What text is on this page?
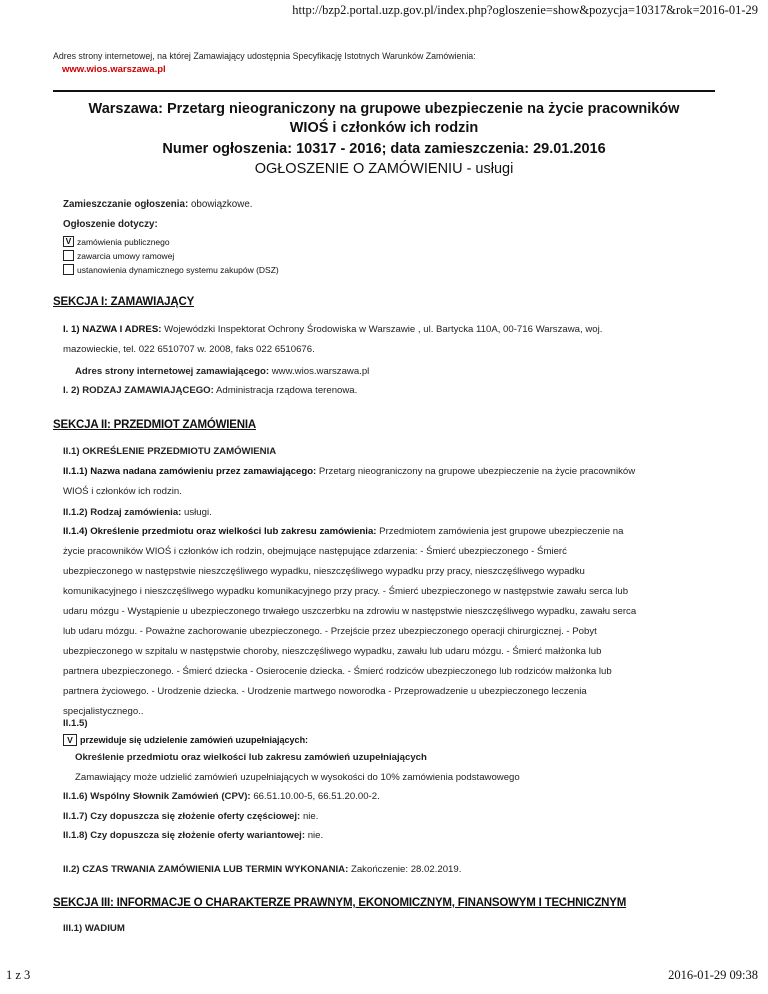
http://bzp2.portal.uzp.gov.pl/index.php?ogloszenie=show&pozycja=10317&rok=2016-01-29
Adres strony internetowej, na której Zamawiający udostępnia Specyfikację Istotnych Warunków Zamówienia:
www.wios.warszawa.pl
Warszawa: Przetarg nieograniczony na grupowe ubezpieczenie na życie pracowników
WIOŚ i członków ich rodzin
Numer ogłoszenia: 10317 - 2016; data zamieszczenia: 29.01.2016
OGŁOSZENIE O ZAMÓWIENIU - usługi
Zamieszczanie ogłoszenia: obowiązkowe.
Ogłoszenie dotyczy:
V zamówienia publicznego
zawarcia umowy ramowej
ustanowienia dynamicznego systemu zakupów (DSZ)
SEKCJA I: ZAMAWIAJĄCY
I. 1) NAZWA I ADRES: Wojewódzki Inspektorat Ochrony Środowiska w Warszawie , ul. Bartycka 110A, 00-716 Warszawa, woj.
mazowieckie, tel. 022 6510707 w. 2008, faks 022 6510676.
Adres strony internetowej zamawiającego: www.wios.warszawa.pl
I. 2) RODZAJ ZAMAWIAJĄCEGO: Administracja rządowa terenowa.
SEKCJA II: PRZEDMIOT ZAMÓWIENIA
II.1) OKREŚLENIE PRZEDMIOTU ZAMÓWIENIA
II.1.1) Nazwa nadana zamówieniu przez zamawiającego: Przetarg nieograniczony na grupowe ubezpieczenie na życie pracowników
WIOŚ i członków ich rodzin.
II.1.2) Rodzaj zamówienia: usługi.
II.1.4) Określenie przedmiotu oraz wielkości lub zakresu zamówienia: Przedmiotem zamówienia jest grupowe ubezpieczenie na
życie pracowników WIOŚ i członków ich rodzin, obejmujące następujące zdarzenia: - Śmierć ubezpieczonego - Śmierć
ubezpieczonego w następstwie nieszczęśliwego wypadku, nieszczęśliwego wypadku przy pracy, nieszczęśliwego wypadku
komunikacyjnego i nieszczęśliwego wypadku komunikacyjnego przy pracy. - Śmierć ubezpieczonego w następstwie zawału serca lub
udaru mózgu - Wystąpienie u ubezpieczonego trwałego uszczerbku na zdrowiu w następstwie nieszczęśliwego wypadku, zawału serca
lub udaru mózgu. - Poważne zachorowanie ubezpieczonego. - Przejście przez ubezpieczonego operacji chirurgicznej. - Pobyt
ubezpieczonego w szpitalu w następstwie choroby, nieszczęśliwego wypadku, zawału lub udaru mózgu. - Śmierć małżonka lub
partnera ubezpieczonego. - Śmierć dziecka - Osierocenie dziecka. - Śmierć rodziców ubezpieczonego lub rodziców małżonka lub
partnera życiowego. - Urodzenie dziecka. - Urodzenie martwego noworodka - Przeprowadzenie u ubezpieczonego leczenia
specjalistycznego..
II.1.5)
V przewiduje się udzielenie zamówień uzupełniających:
Określenie przedmiotu oraz wielkości lub zakresu zamówień uzupełniających
Zamawiający może udzielić zamówień uzupełniających w wysokości do 10% zamówienia podstawowego
II.1.6) Wspólny Słownik Zamówień (CPV): 66.51.10.00-5, 66.51.20.00-2.
II.1.7) Czy dopuszcza się złożenie oferty częściowej: nie.
II.1.8) Czy dopuszcza się złożenie oferty wariantowej: nie.
II.2) CZAS TRWANIA ZAMÓWIENIA LUB TERMIN WYKONANIA: Zakończenie: 28.02.2019.
SEKCJA III: INFORMACJE O CHARAKTERZE PRAWNYM, EKONOMICZNYM, FINANSOWYM I TECHNICZNYM
III.1) WADIUM
1 z 3	2016-01-29 09:38
